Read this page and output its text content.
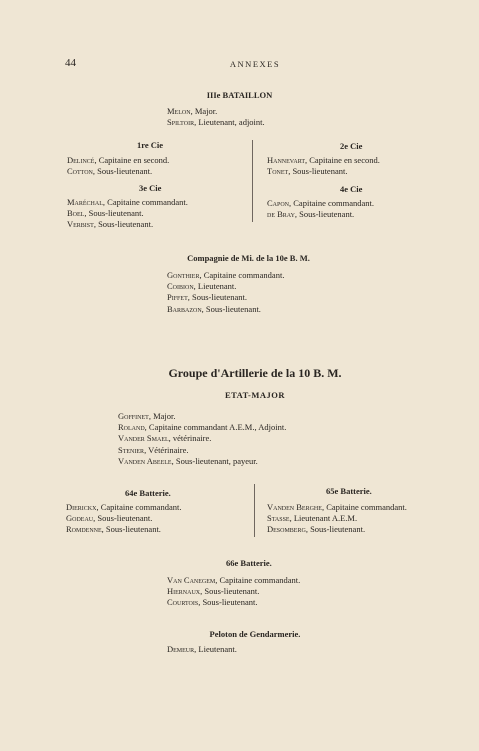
44	ANNEXES
IIIe BATAILLON
Melon, Major.
Spiltoir, Lieutenant, adjoint.
1re Cie
Delincé, Capitaine en second.
Cotton, Sous-lieutenant.
2e Cie
Hannevart, Capitaine en second.
Tonet, Sous-lieutenant.
3e Cie
Maréchal, Capitaine commandant.
Boel, Sous-lieutenant.
Verbist, Sous-lieutenant.
4e Cie
Capon, Capitaine commandant.
de Bray, Sous-lieutenant.
Compagnie de Mi. de la 10e B. M.
Gonthier, Capitaine commandant.
Coibion, Lieutenant.
Piffet, Sous-lieutenant.
Barbazon, Sous-lieutenant.
Groupe d'Artillerie de la 10 B. M.
ETAT-MAJOR
Goffinet, Major.
Roland, Capitaine commandant A.E.M., Adjoint.
Vander Smael, vétérinaire.
Stenier, Vétérinaire.
Vanden Abeele, Sous-lieutenant, payeur.
64e Batterie.
Dierickx, Capitaine commandant.
Godeau, Sous-lieutenant.
Romdenne, Sous-lieutenant.
65e Batterie.
Vanden Berghe, Capitaine commandant.
Stasse, Lieutenant A.E.M.
Desomberg, Sous-lieutenant.
66e Batterie.
Van Canegem, Capitaine commandant.
Hiernaux, Sous-lieutenant.
Courtois, Sous-lieutenant.
Peloton de Gendarmerie.
Demeur, Lieutenant.
